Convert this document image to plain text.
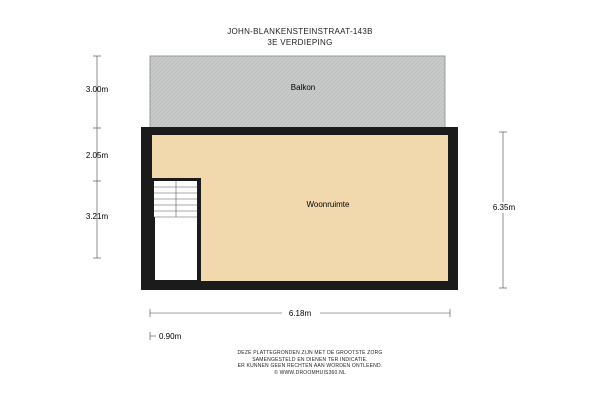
JOHN-BLANKENSTEINSTRAAT-143B
3E VERDIEPING
Balkon
Woonruimte
3.00m
2.05m
3.21m
6.35m
6.18m
0.90m
DEZE PLATTEGRONDEN ZIJN MET DE GROOTSTE ZORG
SAMENGESTELD EN DIENEN TER INDICATIE.
ER KUNNEN GEEN RECHTEN AAN WORDEN ONTLEEND.
© WWW.DROOMHUIS360.NL
